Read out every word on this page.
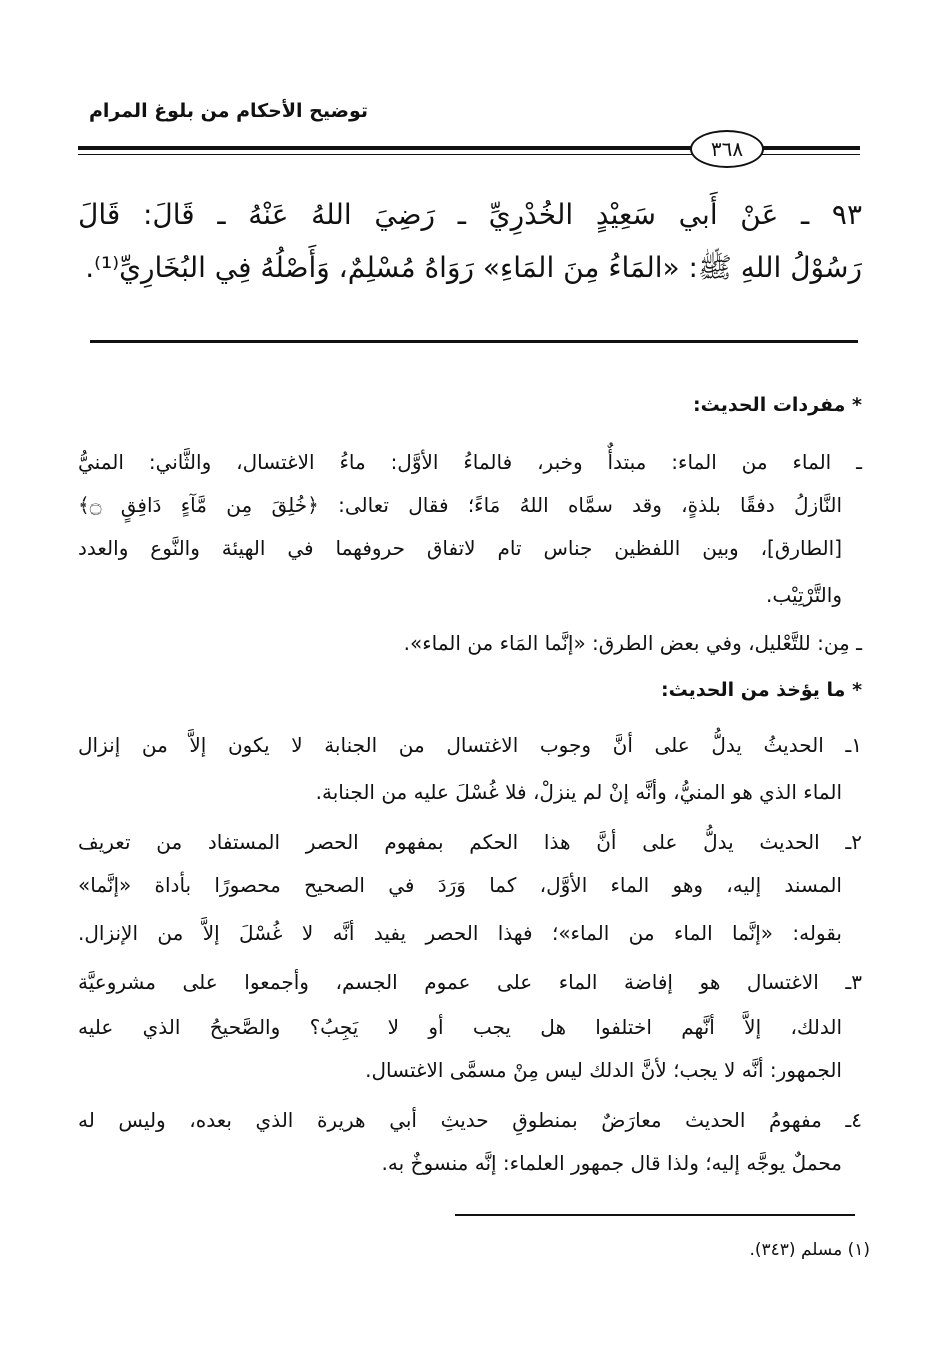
توضيح الأحكام من بلوغ المرام
٣٦٨
٩٣ ـ عَنْ أَبي سَعِيْدٍ الخُدْرِيِّ ـ رَضِيَ اللهُ عَنْهُ ـ قَالَ: قَالَ
رَسُوْلُ اللهِ ﷺ: «المَاءُ مِنَ المَاءِ» رَوَاهُ مُسْلِمٌ، وَأَصْلُهُ فِي البُخَارِيِّ⁽¹⁾.
* مفردات الحديث:
ـ الماء من الماء: مبتدأٌ وخبر، فالماءُ الأوَّل: ماءُ الاغتسال، والثَّاني: المنيُّ
النَّازلُ دفقًا بلذةٍ، وقد سمَّاه اللهُ مَاءً؛ فقال تعالى: ﴿خُلِقَ مِن مَّآءٍ دَافِقٍ ۝﴾
[الطارق]، وبين اللفظين جناس تام لاتفاق حروفهما في الهيئة والنَّوع والعدد
والتَّرْتِيْب.
ـ مِن: للتَّعْليل، وفي بعض الطرق: «إنَّما المَاء من الماء».
* ما يؤخذ من الحديث:
١ـ الحديثُ يدلُّ على أنَّ وجوب الاغتسال من الجنابة لا يكون إلاَّ من إنزال
الماء الذي هو المنيُّ، وأنَّه إنْ لم ينزلْ، فلا غُسْلَ عليه من الجنابة.
٢ـ الحديث يدلُّ على أنَّ هذا الحكم بمفهوم الحصر المستفاد من تعريف
المسند إليه، وهو الماء الأوَّل، كما وَرَدَ في الصحيح محصورًا بأداة «إنَّما»
بقوله: «إنَّما الماء من الماء»؛ فهذا الحصر يفيد أنَّه لا غُسْلَ إلاَّ من الإنزال.
٣ـ الاغتسال هو إفاضة الماء على عموم الجسم، وأجمعوا على مشروعيَّة
الدلك، إلاَّ أنَّهم اختلفوا هل يجب أو لا يَجِبُ؟ والصَّحيحُ الذي عليه
الجمهور: أنَّه لا يجب؛ لأنَّ الدلك ليس مِنْ مسمَّى الاغتسال.
٤ـ مفهومُ الحديث معارَضٌ بمنطوقِ حديثِ أبي هريرة الذي بعده، وليس له
محملٌ يوجَّه إليه؛ ولذا قال جمهور العلماء: إنَّه منسوخٌ به.
(١) مسلم (٣٤٣).
